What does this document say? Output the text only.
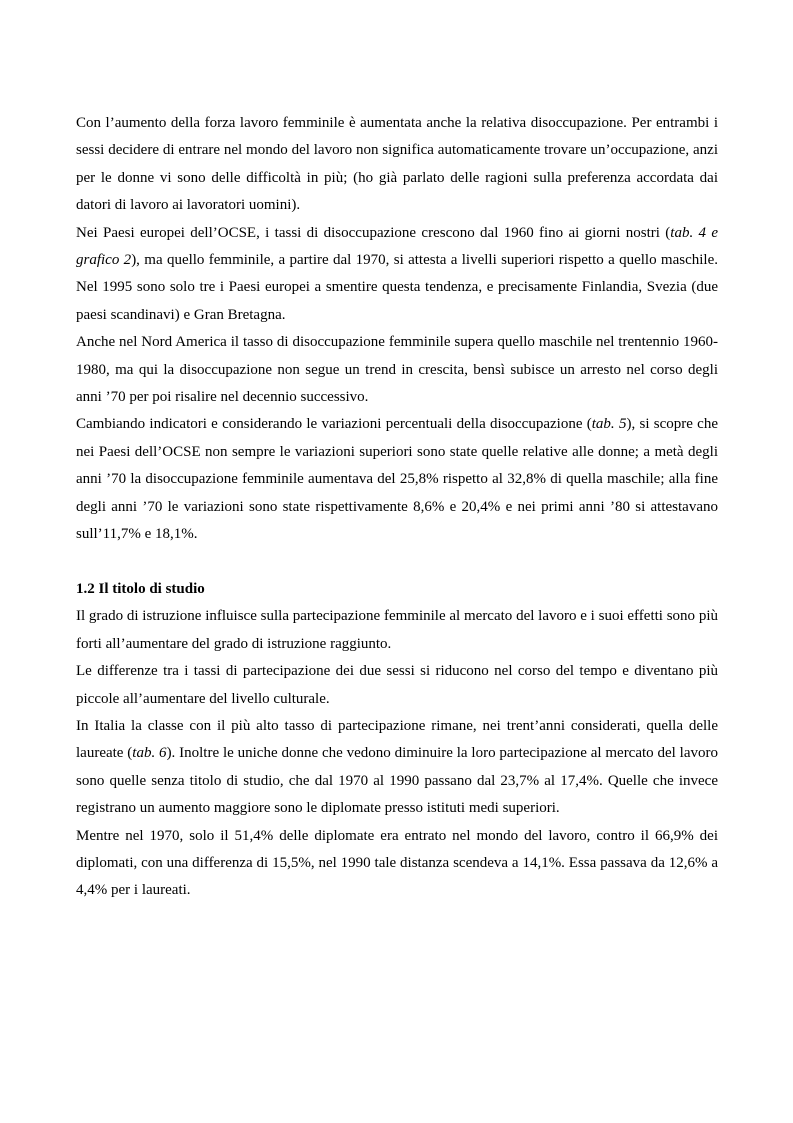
Con l’aumento della forza lavoro femminile è aumentata anche la relativa disoccupazione. Per entrambi i sessi decidere di entrare nel mondo del lavoro non significa automaticamente trovare un’occupazione, anzi per le donne vi sono delle difficoltà in più; (ho già parlato delle ragioni sulla preferenza accordata dai datori di lavoro ai lavoratori uomini).

Nei Paesi europei dell’OCSE, i tassi di disoccupazione crescono dal 1960 fino ai giorni nostri (tab. 4 e grafico 2), ma quello femminile, a partire dal 1970, si attesta a livelli superiori rispetto a quello maschile. Nel 1995 sono solo tre i Paesi europei a smentire questa tendenza, e precisamente Finlandia, Svezia (due paesi scandinavi) e Gran Bretagna.

Anche nel Nord America il tasso di disoccupazione femminile supera quello maschile nel trentennio 1960-1980, ma qui la disoccupazione non segue un trend in crescita, bensì subisce un arresto nel corso degli anni ’70 per poi risalire nel decennio successivo.

Cambiando indicatori e considerando le variazioni percentuali della disoccupazione (tab. 5), si scopre che nei Paesi dell’OCSE non sempre le variazioni superiori sono state quelle relative alle donne; a metà degli anni ’70 la disoccupazione femminile aumentava del 25,8% rispetto al 32,8% di quella maschile; alla fine degli anni ’70 le variazioni sono state rispettivamente 8,6% e 20,4% e nei primi anni ’80 si attestavano sull’11,7% e 18,1%.

1.2 Il titolo di studio

Il grado di istruzione influisce sulla partecipazione femminile al mercato del lavoro e i suoi effetti sono più forti all’aumentare del grado di istruzione raggiunto.

Le differenze tra i tassi di partecipazione dei due sessi si riducono nel corso del tempo e diventano più piccole all’aumentare del livello culturale.

In Italia la classe con il più alto tasso di partecipazione rimane, nei trent’anni considerati, quella delle laureate (tab. 6). Inoltre le uniche donne che vedono diminuire la loro partecipazione al mercato del lavoro sono quelle senza titolo di studio, che dal 1970 al 1990 passano dal 23,7% al 17,4%. Quelle che invece registrano un aumento maggiore sono le diplomate presso istituti medi superiori.

Mentre nel 1970, solo il 51,4% delle diplomate era entrato nel mondo del lavoro, contro il 66,9% dei diplomati, con una differenza di 15,5%, nel 1990 tale distanza scendeva a 14,1%. Essa passava da 12,6% a 4,4% per i laureati.
